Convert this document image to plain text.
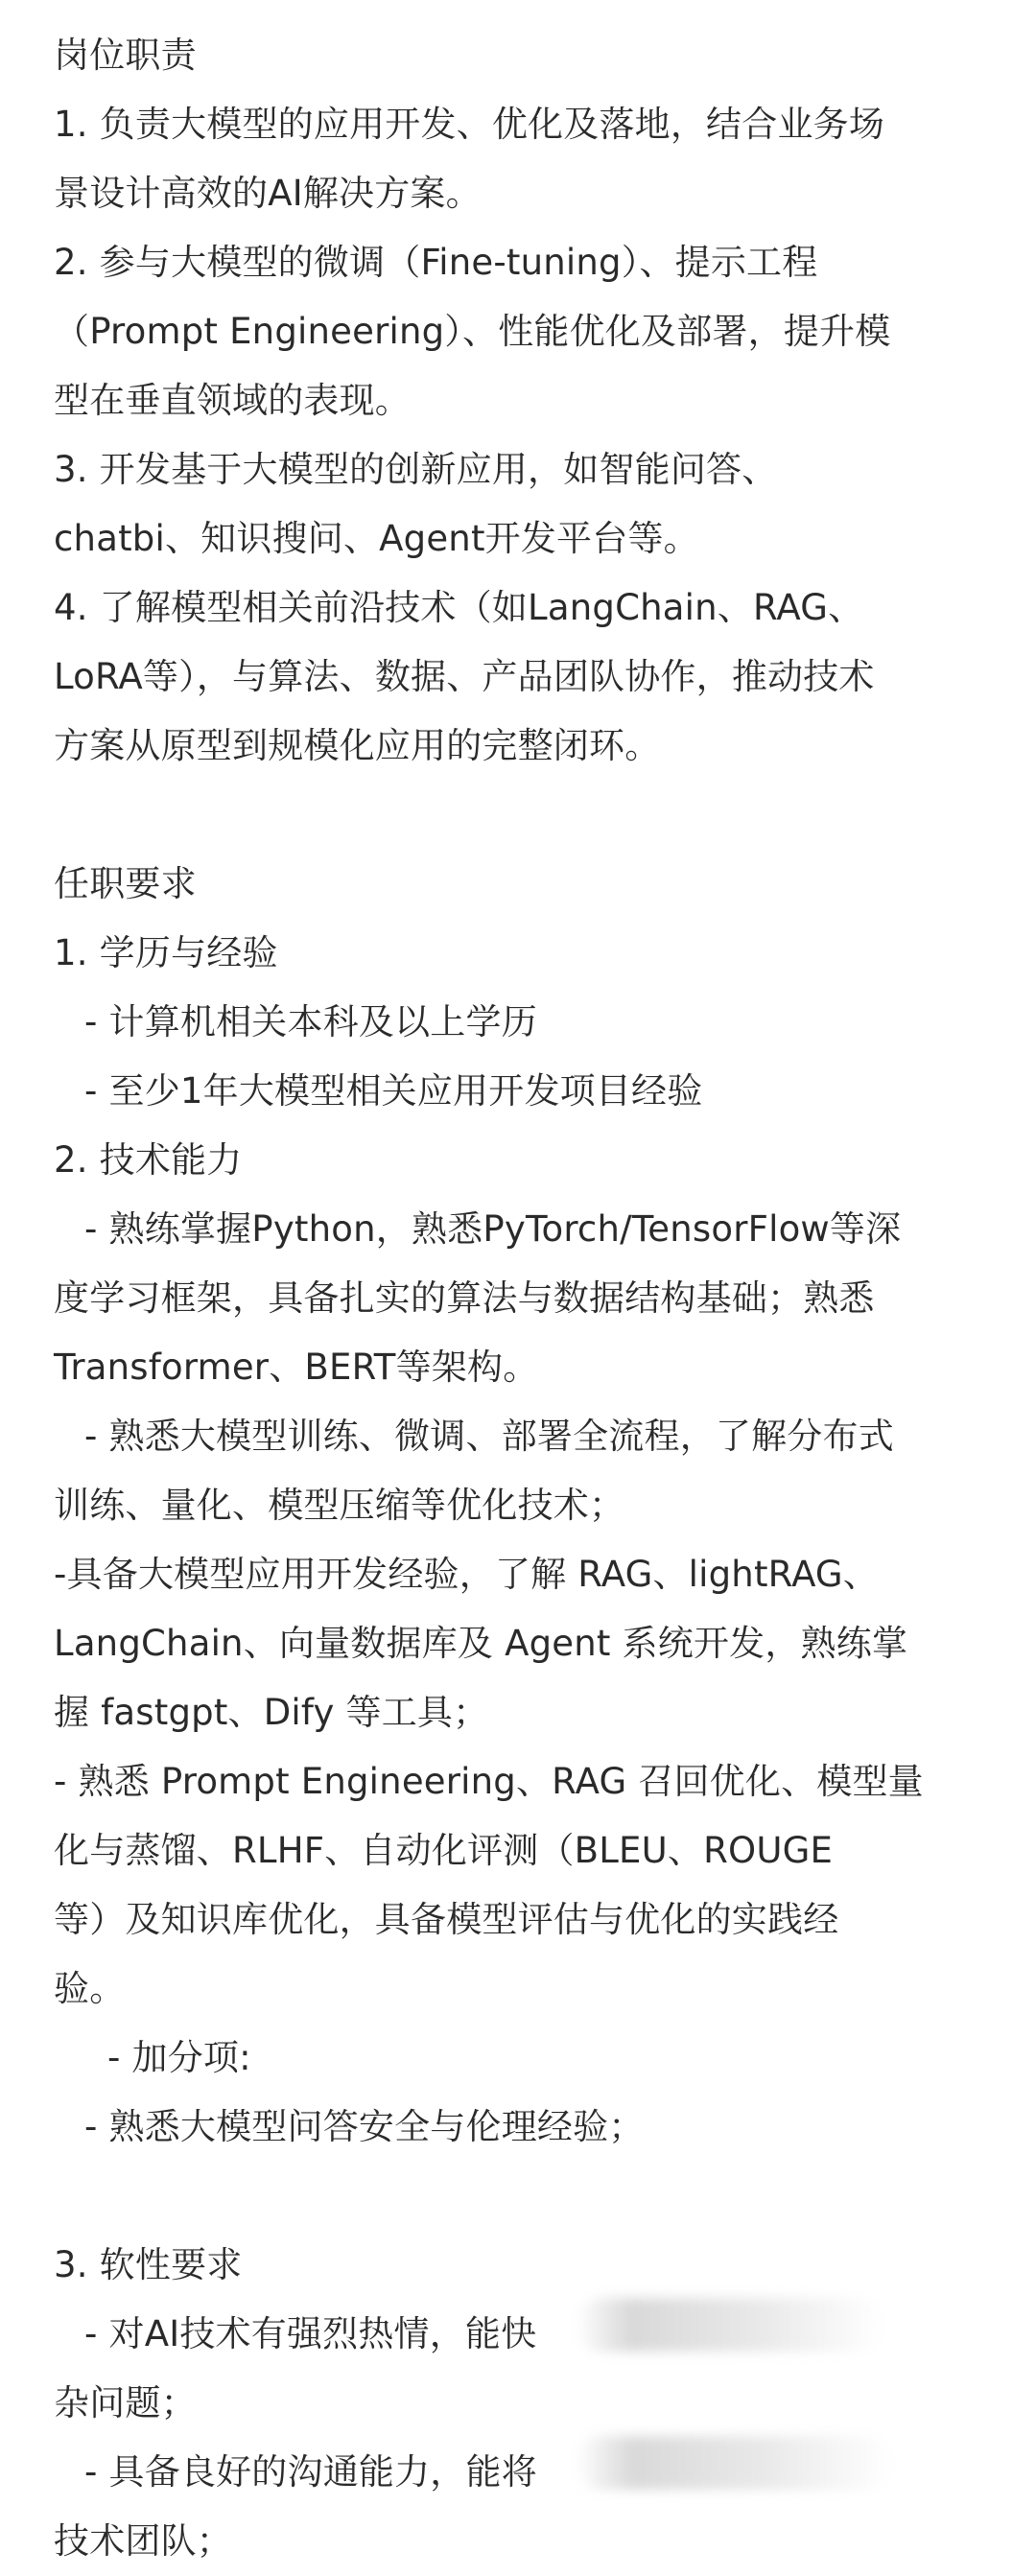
岗位职责
1. 负责大模型的应用开发、优化及落地，结合业务场
景设计高效的AI解决方案。
2. 参与大模型的微调（Fine-tuning）、提示工程
（Prompt Engineering）、性能优化及部署，提升模
型在垂直领域的表现。
3. 开发基于大模型的创新应用，如智能问答、
chatbi、知识搜问、Agent开发平台等。
4. 了解模型相关前沿技术（如LangChain、RAG、
LoRA等），与算法、数据、产品团队协作，推动技术
方案从原型到规模化应用的完整闭环。
任职要求
1. 学历与经验
- 计算机相关本科及以上学历
- 至少1年大模型相关应用开发项目经验
2. 技术能力
- 熟练掌握Python，熟悉PyTorch/TensorFlow等深
度学习框架，具备扎实的算法与数据结构基础；熟悉
Transformer、BERT等架构。
- 熟悉大模型训练、微调、部署全流程，了解分布式
训练、量化、模型压缩等优化技术；
-具备大模型应用开发经验，了解 RAG、lightRAG、
LangChain、向量数据库及 Agent 系统开发，熟练掌
握 fastgpt、Dify 等工具；
- 熟悉 Prompt Engineering、RAG 召回优化、模型量
化与蒸馏、RLHF、自动化评测（BLEU、ROUGE
等）及知识库优化，具备模型评估与优化的实践经
验。
- 加分项:
- 熟悉大模型问答安全与伦理经验；
3. 软性要求
- 对AI技术有强烈热情，能快
杂问题；
- 具备良好的沟通能力，能将
技术团队；
